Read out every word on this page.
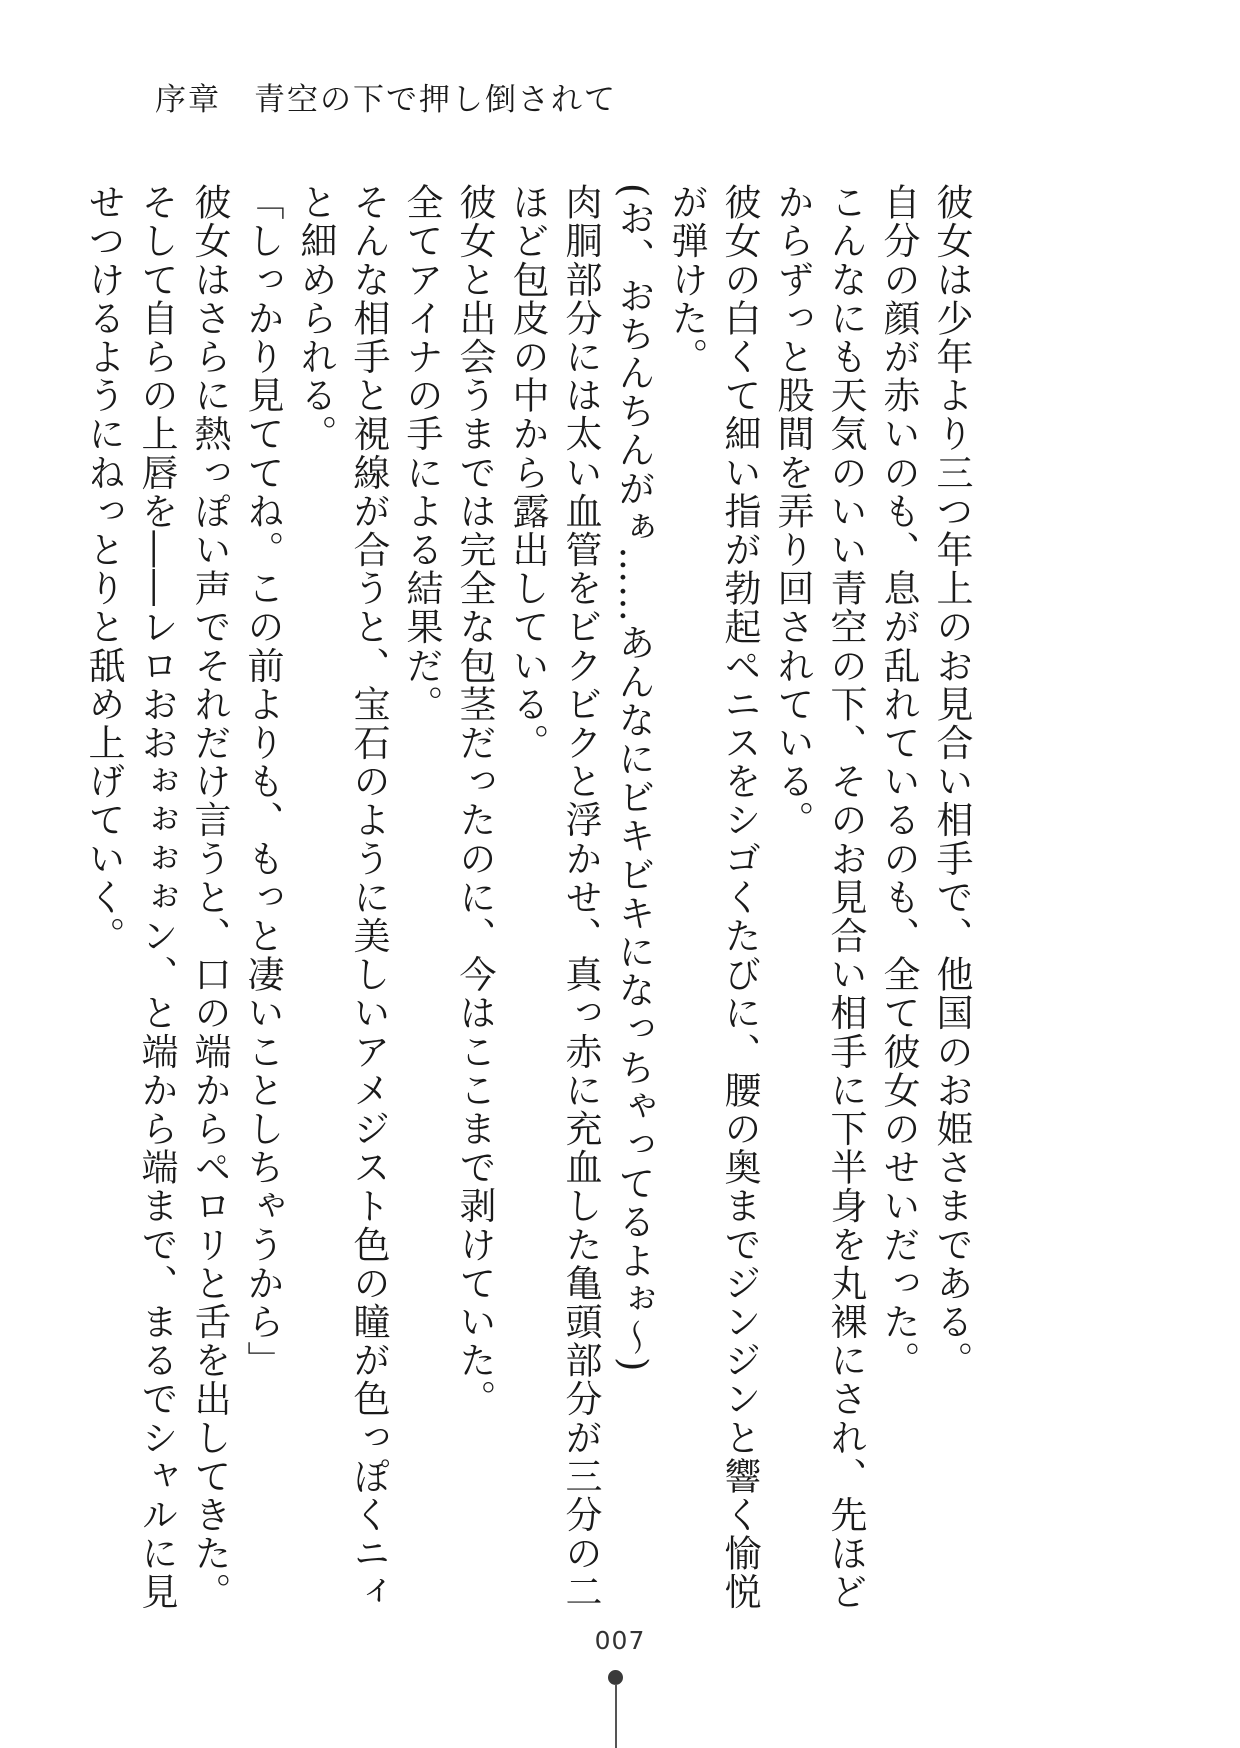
序章　青空の下で押し倒されて

彼女は少年より三つ年上のお見合い相手で、他国のお姫さまである。

自分の顔が赤いのも、息が乱れているのも、全て彼女のせいだった。

こんなにも天気のいい青空の下、そのお見合い相手に下半身を丸裸にされ、先ほどからずっと股間を弄り回されている。

彼女の白くて細い指が勃起ペニスをシゴくたびに、腰の奥までジンジンと響く愉悦が弾けた。

(お、おちんちんがぁ……あんなにビキビキになっちゃってるよぉ～)

肉胴部分には太い血管をビクビクと浮かせ、真っ赤に充血した亀頭部分が三分の二ほど包皮の中から露出している。

彼女と出会うまでは完全な包茎だったのに、今はここまで剥けていた。

全てアイナの手による結果だ。

そんな相手と視線が合うと、宝石のように美しいアメジスト色の瞳が色っぽくニィと細められる。

「しっかり見ててね。この前よりも、もっと凄いことしちゃうから」

彼女はさらに熱っぽい声でそれだけ言うと、口の端からペロリと舌を出してきた。

そして自らの上唇を――レロおおぉぉぉぉン、と端から端まで、まるでシャルに見せつけるようにねっとりと舐め上げていく。

007
